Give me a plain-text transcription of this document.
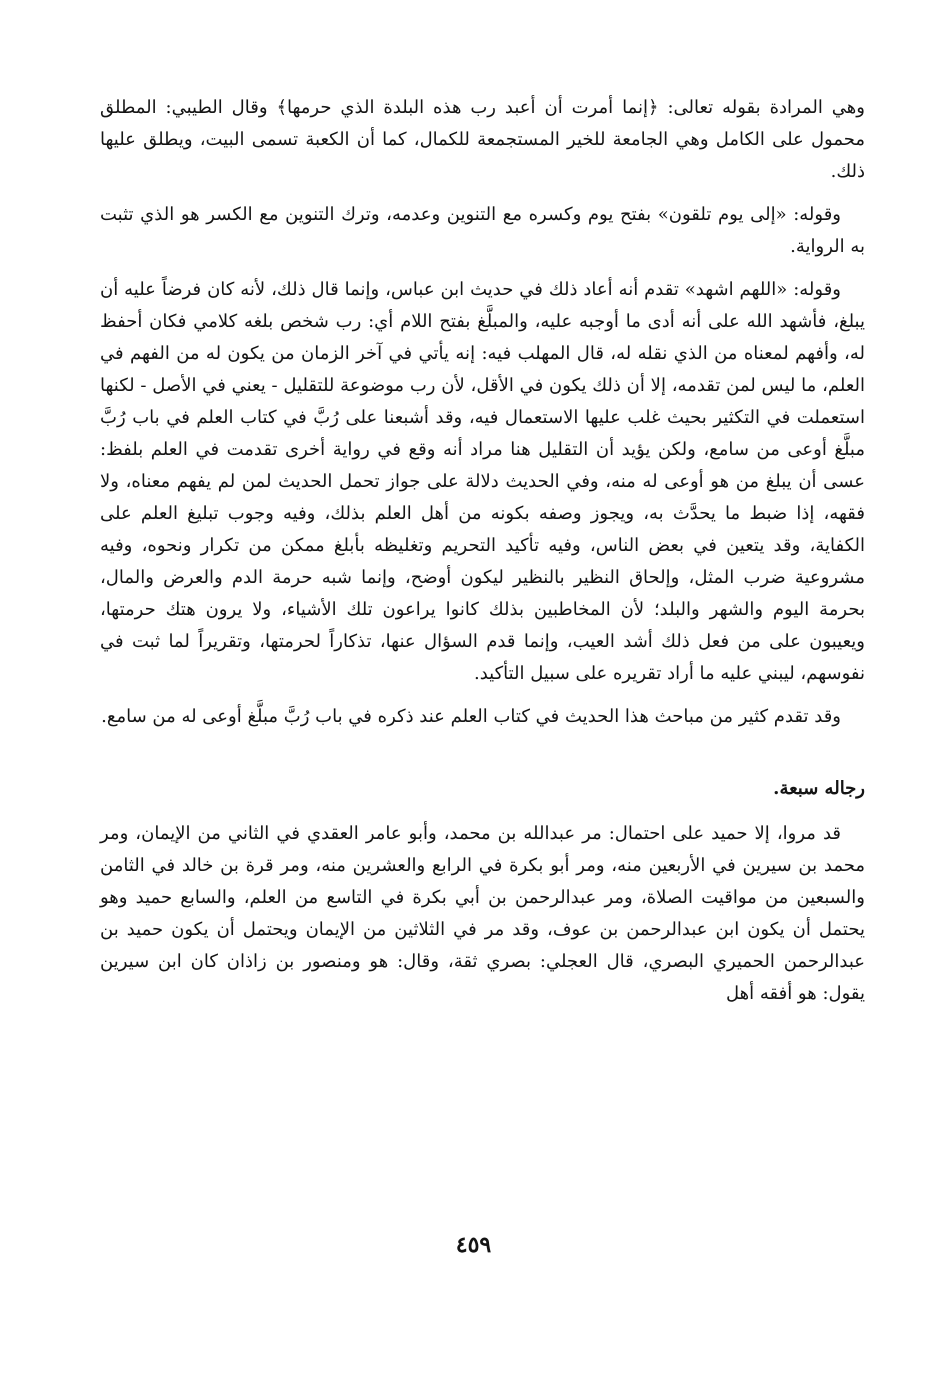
وهي المرادة بقوله تعالى: ﴿إنما أمرت أن أعبد رب هذه البلدة الذي حرمها﴾ وقال الطيبي: المطلق محمول على الكامل وهي الجامعة للخير المستجمعة للكمال، كما أن الكعبة تسمى البيت، ويطلق عليها ذلك.

وقوله: «إلى يوم تلقون» بفتح يوم وكسره مع التنوين وعدمه، وترك التنوين مع الكسر هو الذي تثبت به الرواية.

وقوله: «اللهم اشهد» تقدم أنه أعاد ذلك في حديث ابن عباس، وإنما قال ذلك، لأنه كان فرضاً عليه أن يبلغ، فأشهد الله على أنه أدى ما أوجبه عليه، والمبلَّغ بفتح اللام أي: رب شخص بلغه كلامي فكان أحفظ له، وأفهم لمعناه من الذي نقله له، قال المهلب فيه: إنه يأتي في آخر الزمان من يكون له من الفهم في العلم، ما ليس لمن تقدمه، إلا أن ذلك يكون في الأقل، لأن رب موضوعة للتقليل - يعني في الأصل - لكنها استعملت في التكثير بحيث غلب عليها الاستعمال فيه، وقد أشبعنا على رُبَّ في كتاب العلم في باب رُبَّ مبلَّغ أوعى من سامع، ولكن يؤيد أن التقليل هنا مراد أنه وقع في رواية أخرى تقدمت في العلم بلفظ: عسى أن يبلغ من هو أوعى له منه، وفي الحديث دلالة على جواز تحمل الحديث لمن لم يفهم معناه، ولا فقهه، إذا ضبط ما يحدَّث به، ويجوز وصفه بكونه من أهل العلم بذلك، وفيه وجوب تبليغ العلم على الكفاية، وقد يتعين في بعض الناس، وفيه تأكيد التحريم وتغليظه بأبلغ ممكن من تكرار ونحوه، وفيه مشروعية ضرب المثل، وإلحاق النظير بالنظير ليكون أوضح، وإنما شبه حرمة الدم والعرض والمال، بحرمة اليوم والشهر والبلد؛ لأن المخاطبين بذلك كانوا يراعون تلك الأشياء، ولا يرون هتك حرمتها، ويعيبون على من فعل ذلك أشد العيب، وإنما قدم السؤال عنها، تذكاراً لحرمتها، وتقريراً لما ثبت في نفوسهم، ليبني عليه ما أراد تقريره على سبيل التأكيد.

وقد تقدم كثير من مباحث هذا الحديث في كتاب العلم عند ذكره في باب رُبَّ مبلَّغ أوعى له من سامع.

رجاله سبعة.

قد مروا، إلا حميد على احتمال: مر عبدالله بن محمد، وأبو عامر العقدي في الثاني من الإيمان، ومر محمد بن سيرين في الأربعين منه، ومر أبو بكرة في الرابع والعشرين منه، ومر قرة بن خالد في الثامن والسبعين من مواقيت الصلاة، ومر عبدالرحمن بن أبي بكرة في التاسع من العلم، والسابع حميد وهو يحتمل أن يكون ابن عبدالرحمن بن عوف، وقد مر في الثلاثين من الإيمان ويحتمل أن يكون حميد بن عبدالرحمن الحميري البصري، قال العجلي: بصري ثقة، وقال: هو ومنصور بن زاذان كان ابن سيرين يقول: هو أفقه أهل

٤٥٩
